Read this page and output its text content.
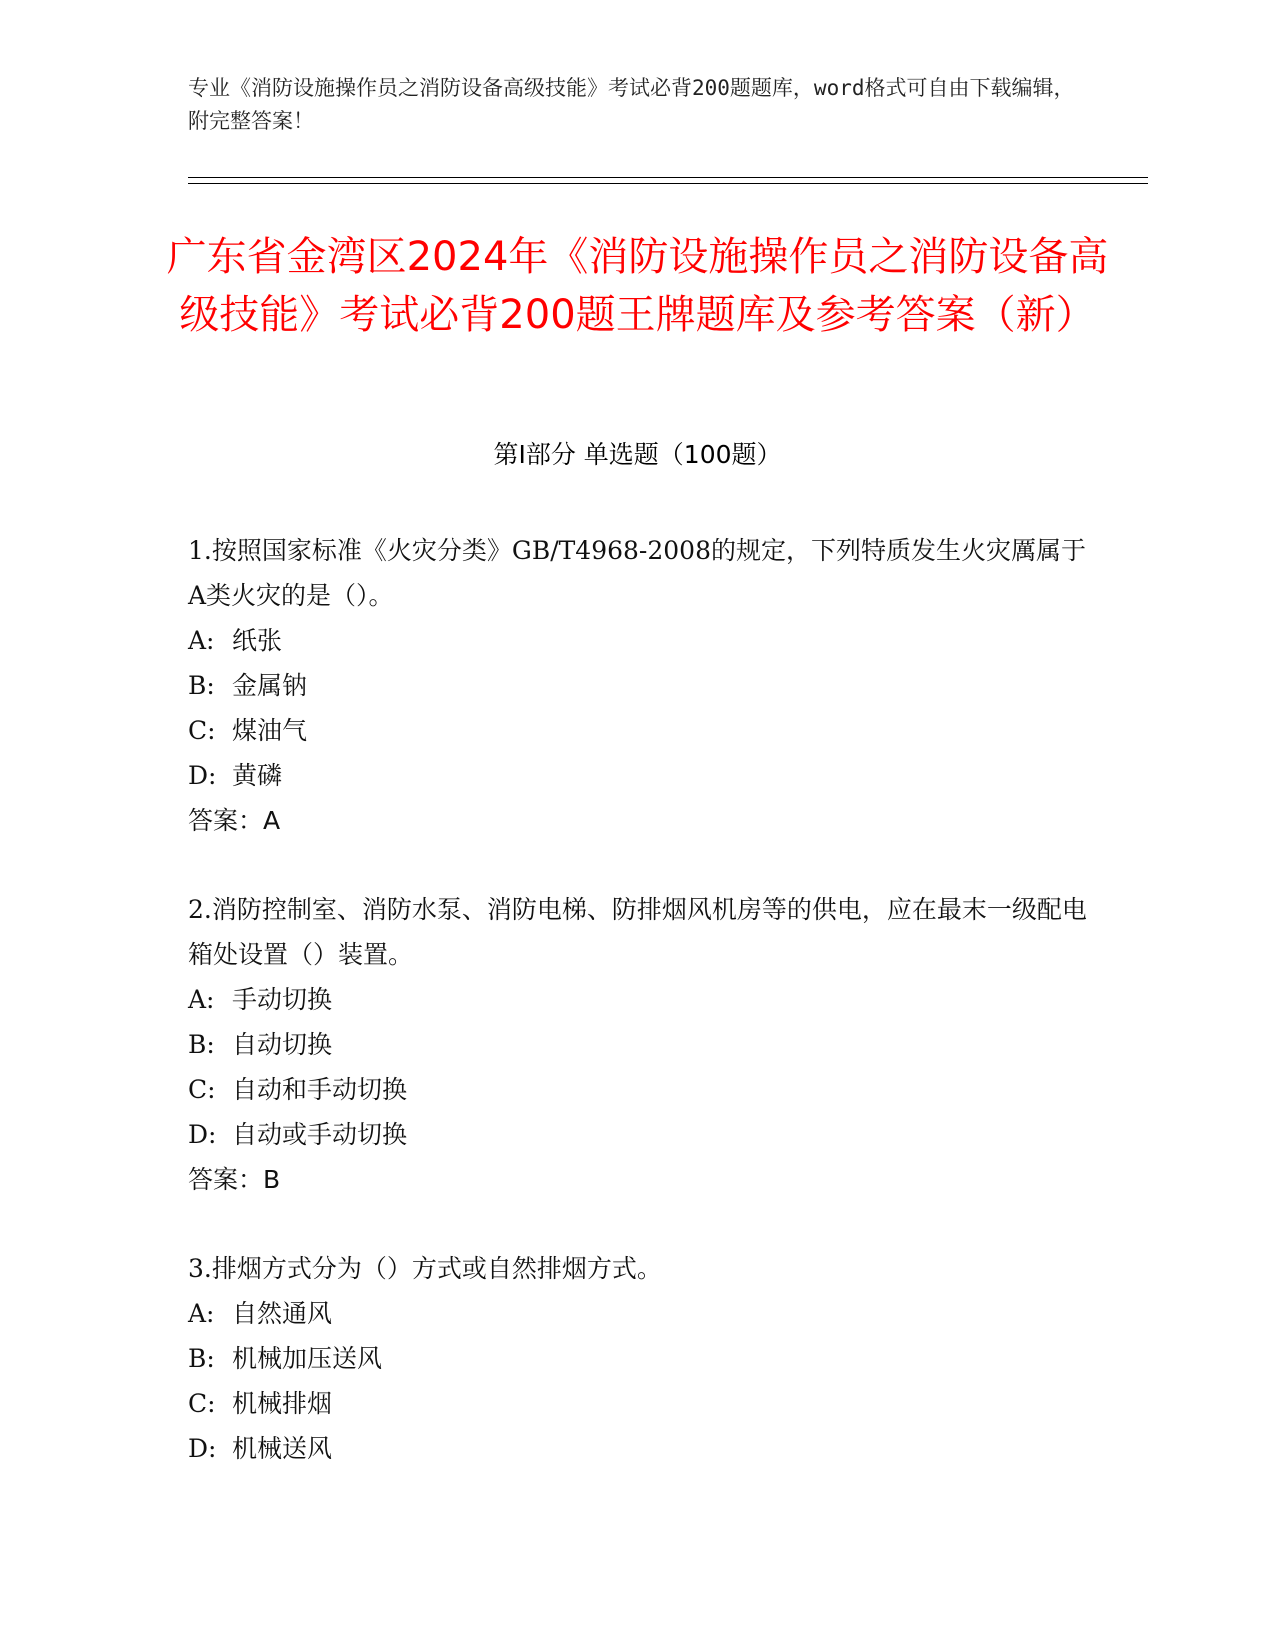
专业《消防设施操作员之消防设备高级技能》考试必背200题题库，word格式可自由下载编辑，附完整答案！
广东省金湾区2024年《消防设施操作员之消防设备高级技能》考试必背200题王牌题库及参考答案（新）
第Ⅰ部分 单选题（100题）

1.按照国家标准《火灾分类》GB/T4968-2008的规定，下列特质发生火灾厲属于A类火灾的是（）。

A: 纸张

B: 金属钠

C: 煤油气

D: 黄磷

答案：A

2.消防控制室、消防水泵、消防电梯、防排烟风机房等的供电，应在最末一级配电箱处设置（）装置。

A: 手动切换

B: 自动切换

C: 自动和手动切换

D: 自动或手动切换

答案：B

3.排烟方式分为（）方式或自然排烟方式。

A: 自然通风

B: 机械加压送风

C: 机械排烟

D: 机械送风
